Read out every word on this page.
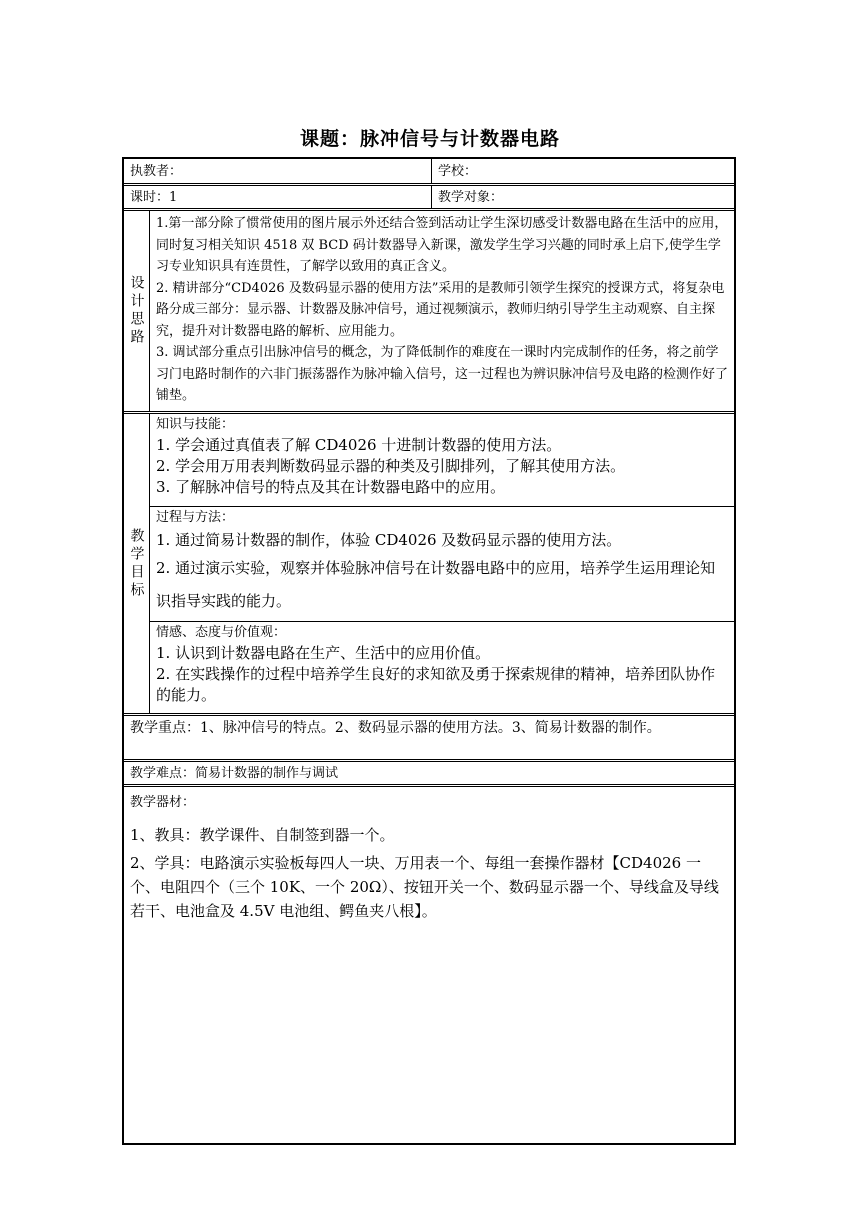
课题：脉冲信号与计数器电路
执教者：	学校：
课时：1	教学对象：
设计思路

1.第一部分除了惯常使用的图片展示外还结合签到活动让学生深切感受计数器电路在生活中的应用，同时复习相关知识 4518 双 BCD 码计数器导入新课，激发学生学习兴趣的同时承上启下,使学生学习专业知识具有连贯性，了解学以致用的真正含义。

2. 精讲部分“CD4026 及数码显示器的使用方法”采用的是教师引领学生探究的授课方式，将复杂电路分成三部分：显示器、计数器及脉冲信号，通过视频演示，教师归纳引导学生主动观察、自主探究，提升对计数器电路的解析、应用能力。

3. 调试部分重点引出脉冲信号的概念，为了降低制作的难度在一课时内完成制作的任务，将之前学习门电路时制作的六非门振荡器作为脉冲输入信号，这一过程也为辨识脉冲信号及电路的检测作好了铺垫。

教学目标
知识与技能：
1. 学会通过真值表了解 CD4026 十进制计数器的使用方法。
2. 学会用万用表判断数码显示器的种类及引脚排列，了解其使用方法。
3. 了解脉冲信号的特点及其在计数器电路中的应用。
过程与方法：
1. 通过简易计数器的制作，体验 CD4026 及数码显示器的使用方法。
2. 通过演示实验，观察并体验脉冲信号在计数器电路中的应用，培养学生运用理论知识指导实践的能力。
情感、态度与价值观：
1. 认识到计数器电路在生产、生活中的应用价值。
2. 在实践操作的过程中培养学生良好的求知欲及勇于探索规律的精神，培养团队协作的能力。
教学重点：1、脉冲信号的特点。2、数码显示器的使用方法。3、简易计数器的制作。
教学难点：简易计数器的制作与调试
教学器材：

1、教具：教学课件、自制签到器一个。

2、学具：电路演示实验板每四人一块、万用表一个、每组一套操作器材【CD4026 一个、电阻四个（三个 10K、一个 20Ω）、按钮开关一个、数码显示器一个、导线盒及导线若干、电池盒及 4.5V 电池组、鳄鱼夹八根】。
